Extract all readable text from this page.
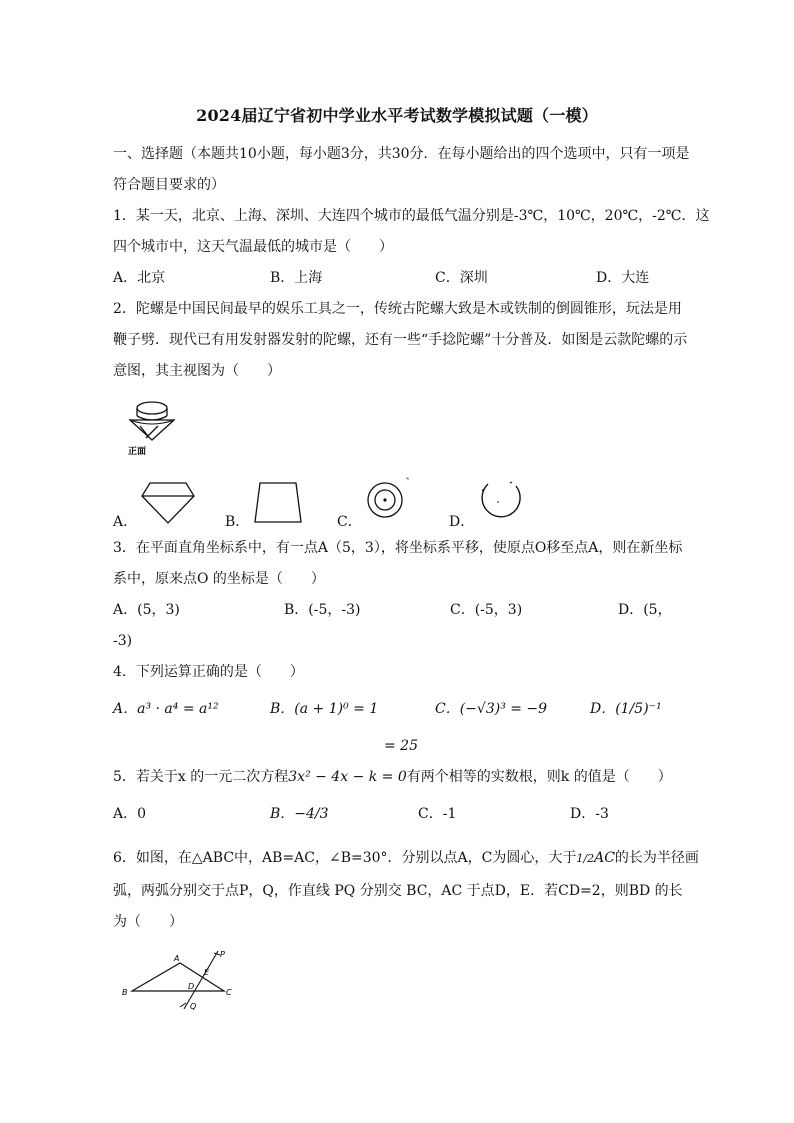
2024届辽宁省初中学业水平考试数学模拟试题（一模）
一、选择题（本题共10小题，每小题3分，共30分．在每小题给出的四个选项中，只有一项是
符合题目要求的）
1．某一天，北京、上海、深圳、大连四个城市的最低气温分别是-3℃，10℃，20℃，-2℃．这
四个城市中，这天气温最低的城市是（　　）
A．北京	B．上海	C．深圳	D．大连
2．陀螺是中国民间最早的娱乐工具之一，传统古陀螺大致是木或铁制的倒圆锥形，玩法是用
鞭子劈．现代已有用发射器发射的陀螺，还有一些“手捻陀螺”十分普及．如图是云款陀螺的示
意图，其主视图为（　　）
正面
A．	B．	C．	D．
3．在平面直角坐标系中，有一点A（5，3），将坐标系平移，使原点O移至点A，则在新坐标
系中，原来点O 的坐标是（　　）
A．(5，3)	B．(-5，-3)	C．(-5，3)	D．(5，
-3)
4．下列运算正确的是（　　）
A．a³ · a⁴ = a¹²	B．(a + 1)⁰ = 1	C．(−√3)³ = −9	D．(1/5)⁻¹
= 25
5．若关于x 的一元二次方程3x² − 4x − k = 0有两个相等的实数根，则k 的值是（　　）
A．0	B．−4/3	C．-1	D．-3
6．如图，在△ABC中，AB=AC，∠B=30°．分别以点A，C为圆心，大于1/2AC的长为半径画
弧，两弧分别交于点P，Q，作直线 PQ 分别交 BC，AC 于点D，E．若CD=2，则BD 的长
为（　　）
A
B	C
D
E
P
Q
